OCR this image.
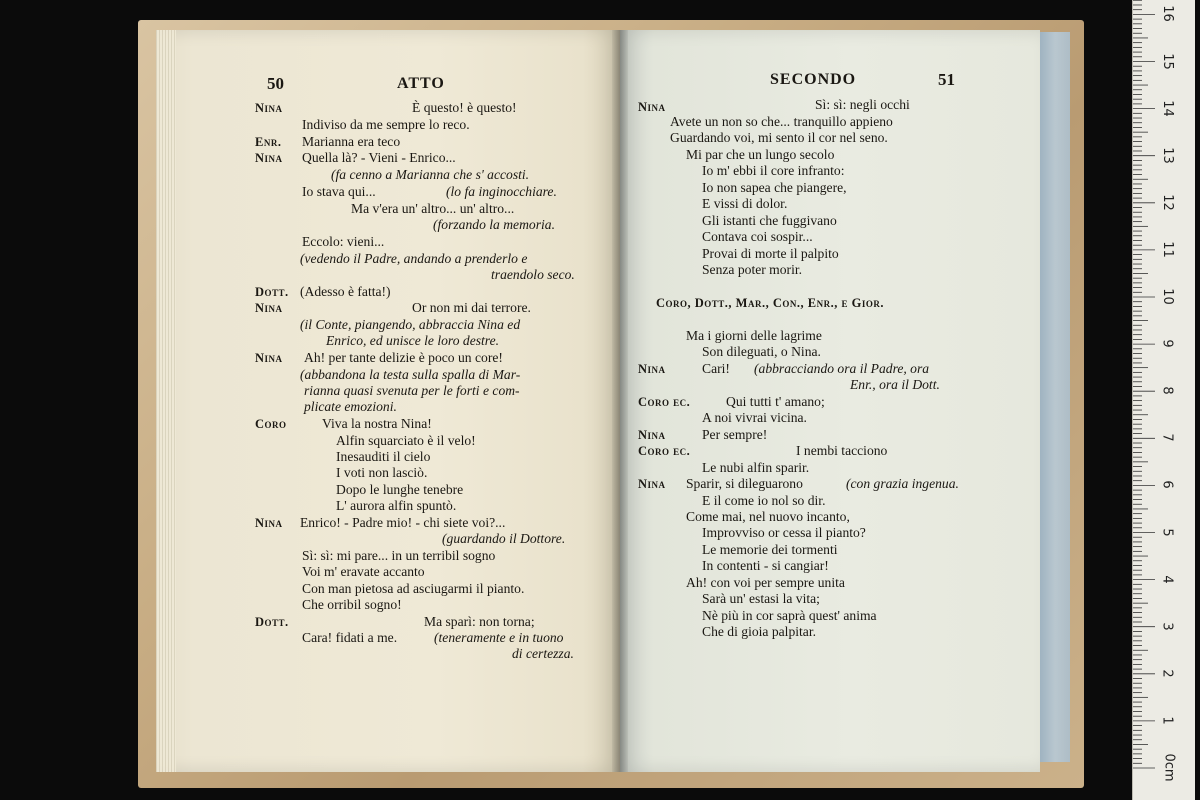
50	ATTO
Nina	È questo! è questo!
Indiviso da me sempre lo reco.
Enr. Marianna era teco
Nina Quella là? - Vieni - Enrico...
(fa cenno a Marianna che s' accosti.
Io stava qui...	(lo fa inginocchiare.
Ma v'era un' altro... un' altro...
(forzando la memoria.
Eccolo: vieni...
(vedendo il Padre, andando a prenderlo e
traendolo seco.
Dott. (Adesso è fatta!)
Nina	Or non mi dai terrore.
(il Conte, piangendo, abbraccia Nina ed
Enrico, ed unisce le loro destre.
Nina Ah! per tante delizie è poco un core!
(abbandona la testa sulla spalla di Mar-
rianna quasi svenuta per le forti e com-
plicate emozioni.
Coro	Viva la nostra Nina!
Alfin squarciato è il velo!
Inesauditi il cielo
I voti non lasciò.
Dopo le lunghe tenebre
L' aurora alfin spuntò.
Nina Enrico! - Padre mio! - chi siete voi?...
(guardando il Dottore.
Sì: sì: mi pare... in un terribil sogno
Voi m' eravate accanto
Con man pietosa ad asciugarmi il pianto.
Che orribil sogno!
Dott.	Ma sparì: non torna;
Cara! fidati a me.	(teneramente e in tuono
di certezza.
SECONDO	51
Nina	Sì: sì: negli occhi
Avete un non so che... tranquillo appieno
Guardando voi, mi sento il cor nel seno.
Mi par che un lungo secolo
Io m' ebbi il core infranto:
Io non sapea che piangere,
E vissi di dolor.
Gli istanti che fuggivano
Contava coi sospir...
Provai di morte il palpito
Senza poter morir.
Coro, Dott., Mar., Con., Enr., e Gior.
Ma i giorni delle lagrime
Son dileguati, o Nina.
Nina	Cari! (abbracciando ora il Padre, ora
Enr., ora il Dott.
Coro ec.	Qui tutti t' amano;
A noi vivrai vicina.
Nina	Per sempre!
Coro ec.	I nembi tacciono
Le nubi alfin sparir.
Nina Sparir, si dileguarono	(con grazia ingenua.
E il come io nol so dir.
Come mai, nel nuovo incanto,
Improvviso or cessa il pianto?
Le memorie dei tormenti
In contenti - si cangiar!
Ah! con voi per sempre unita
Sarà un' estasi la vita;
Nè più in cor saprà quest' anima
Che di gioia palpitar.
0cm
1
2
3
4
5
6
7
8
9
10
11
12
13
14
15
16
